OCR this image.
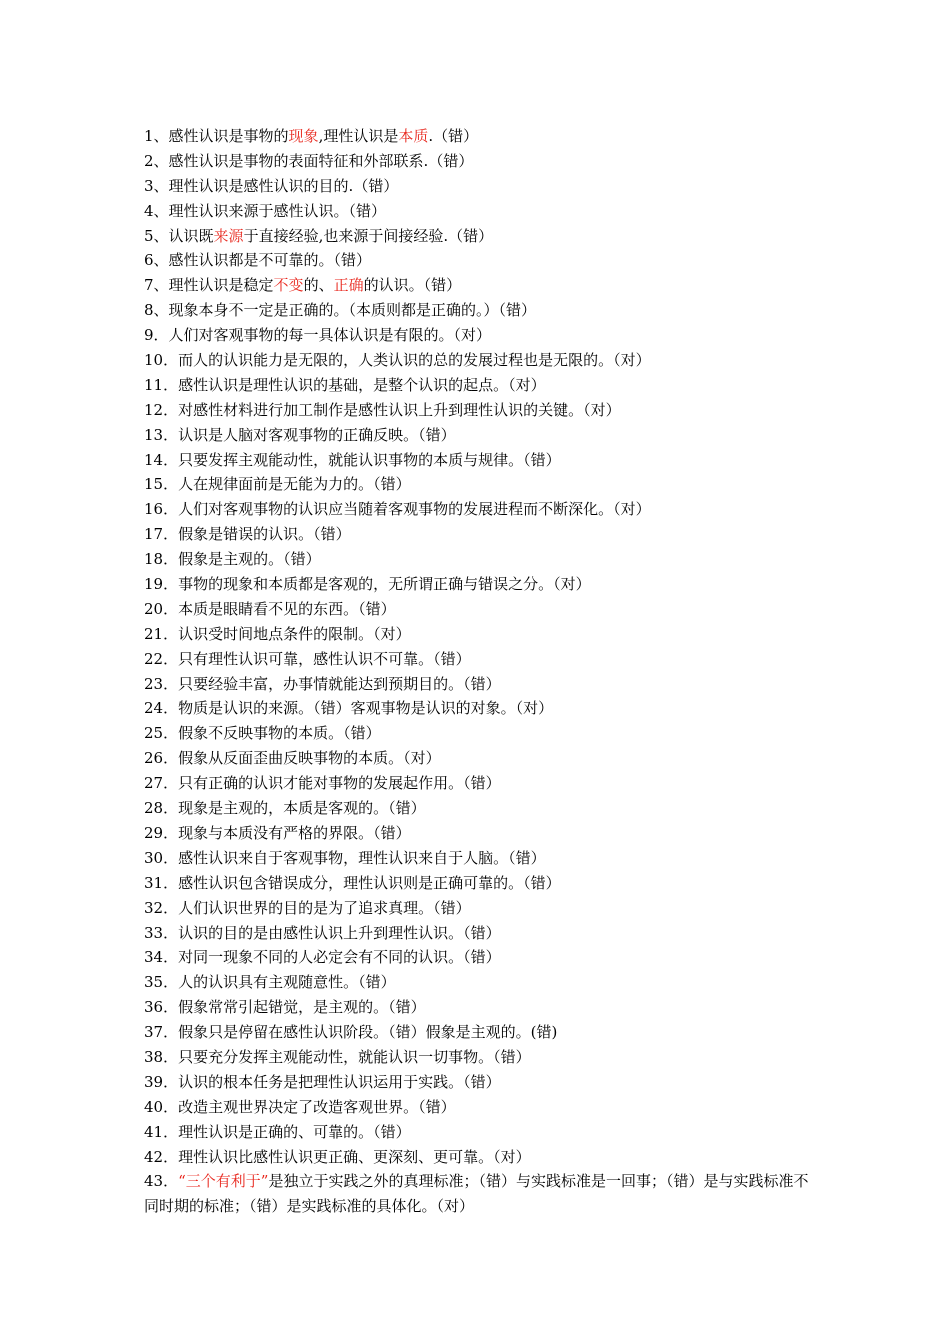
1、感性认识是事物的现象,理性认识是本质.（错）
2、感性认识是事物的表面特征和外部联系.（错）
3、理性认识是感性认识的目的.（错）
4、理性认识来源于感性认识。（错）
5、认识既来源于直接经验,也来源于间接经验.（错）
6、感性认识都是不可靠的。（错）
7、理性认识是稳定不变的、正确的认识。（错）
8、现象本身不一定是正确的。（本质则都是正确的。）（错）
9．人们对客观事物的每一具体认识是有限的。（对）
10．而人的认识能力是无限的，人类认识的总的发展过程也是无限的。（对）
11．感性认识是理性认识的基础，是整个认识的起点。（对）
12．对感性材料进行加工制作是感性认识上升到理性认识的关键。（对）
13．认识是人脑对客观事物的正确反映。（错）
14．只要发挥主观能动性，就能认识事物的本质与规律。（错）
15．人在规律面前是无能为力的。（错）
16．人们对客观事物的认识应当随着客观事物的发展进程而不断深化。（对）
17．假象是错误的认识。（错）
18．假象是主观的。（错）
19．事物的现象和本质都是客观的，无所谓正确与错误之分。（对）
20．本质是眼睛看不见的东西。（错）
21．认识受时间地点条件的限制。（对）
22．只有理性认识可靠，感性认识不可靠。（错）
23．只要经验丰富，办事情就能达到预期目的。（错）
24．物质是认识的来源。（错）客观事物是认识的对象。（对）
25．假象不反映事物的本质。（错）
26．假象从反面歪曲反映事物的本质。（对）
27．只有正确的认识才能对事物的发展起作用。（错）
28．现象是主观的，本质是客观的。（错）
29．现象与本质没有严格的界限。（错）
30．感性认识来自于客观事物，理性认识来自于人脑。（错）
31．感性认识包含错误成分，理性认识则是正确可靠的。（错）
32．人们认识世界的目的是为了追求真理。（错）
33．认识的目的是由感性认识上升到理性认识。（错）
34．对同一现象不同的人必定会有不同的认识。（错）
35．人的认识具有主观随意性。（错）
36．假象常常引起错觉，是主观的。（错）
37．假象只是停留在感性认识阶段。（错）假象是主观的。(错)
38．只要充分发挥主观能动性，就能认识一切事物。（错）
39．认识的根本任务是把理性认识运用于实践。（错）
40．改造主观世界决定了改造客观世界。（错）
41．理性认识是正确的、可靠的。（错）
42．理性认识比感性认识更正确、更深刻、更可靠。（对）
43．“三个有利于”是独立于实践之外的真理标准；（错）与实践标准是一回事；（错）是与实践标准不同时期的标准；（错）是实践标准的具体化。（对）
